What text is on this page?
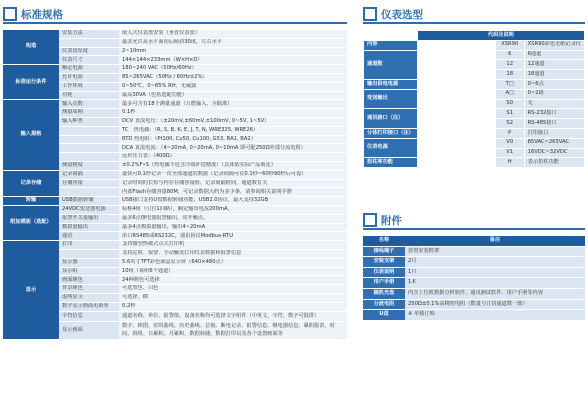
标准规格
构造	安装方法	嵌入式仪表盘安装（垂直仪表盘）
		最多允许从水平面向后倾斜30度，左右水平
	仪表盘厚度	2~10mm
	仪表尺寸	144×144×233mm（W×H×D）
标准运行条件	额定电源	180~240 VAC（50Hz/60Hz）
	允许电源	85~265VAC（50Hz / 60Hz±2%）
	工作环境	0~50℃，0~85% RH，无凝露
	功耗	最高30VA（包括选配功能）
输入規格	输入点数	最多可含有18个测量通道（万能输入，全隔离）
	测量周期	0.1秒
	输入种类	DCV 直流电压：（±20mV,±60mV,±100mV, 0~5V, 1~5V）
		TC　热电偶：（R, S, B, K, E, J, T, N, WRE325, WRE26）
		RTD 热电阻：（Pt100, Cu50, Cu100, G53, BA1, BA2）
		DCA 直流电流：（4~20mA, 0~20mA, 0~10mA 即可配250Ω外部分流电阻）
		远传压力表：（400Ω）
	测量精度	±0.2%F•S（热电偶不包含冷端补偿精度）（具体依实际产品而定）
记录存储	记录间隔	最快可0.1秒记录一次全部通道的数据（记录间隔可在0.1秒~60秒90秒后可设）
	存储容量	记录时间的长短与内存存储容量值、记录间隔时间、通道数有关
		内部Flash存储容量80M，可记录数据大约为多少条，请参阅相关说明手册
转输	USB数据转储	USB接口支持U盘数据转储功能，USB2.0协议，最大支持32GB
附加模板（选配）	24VDC变送器电源	标称4组（引自1回路），额定输出电流200mA，
	报警开关量输出	最多6点继电器报警输出，常开触点，
	模拟量输出	最多4点模拟量输出，输出4~20mA
	通讯	串口RS485或RS232C，通讯协议Modbus-RTU
显示	打印	支持微型热敏式点式打印机
		支持定时、报警、手动触发打印仪表数据和报警信息
	显示器	5.6英寸TFT彩色液晶显示屏（640×480点）
	显示组	10组（每组6个通道）
	画面颜色	24种颜色可选择
	背景颜色	可选黑色、白色
	虚线显示	可选择、横
	数字显示画面更新率	0.2秒
	字符信息	通道名称、单位、报警值、设备名称均可选择文字组件（中英文，字符，数字可混排）
	显示画面	数字、棒图、实时曲线、历史曲线、总貌、断电记录、报警信息、继电器信息、累积报表、时间、班组、日累积、月累积、数据转储、数据打印以及各个设置画面等
仪表选型
	代码及说明		
内容		XSR90	XSR90彩色无纸记录仪
通道数		6	6通道
		12	12通道
		18	18通道
输出供电电源		T□	0~6点
变送输出		A□	0~2路
		S0	无
通讯接口（注）		S1	RS-232接口
		S2	RS-485接口
分体打印接口（注）		P	打印接口
仪表电源		V0	85VAC~265VAC
		V1	16VDC~32VDC
扭柱库功能		H	表示扭柱功能
附件
名称	备注
接线端子	放置安装框架
安装支架	2只
仪表说明	1只
用户手册	1本
随机光盘	内含上位机数据分析软件、通讯测试软件、用户手册等内容
分流电阻	250Ω±0.1%高精密电阻（数量与订货通道数一致）
U盘	※ 单独订购
